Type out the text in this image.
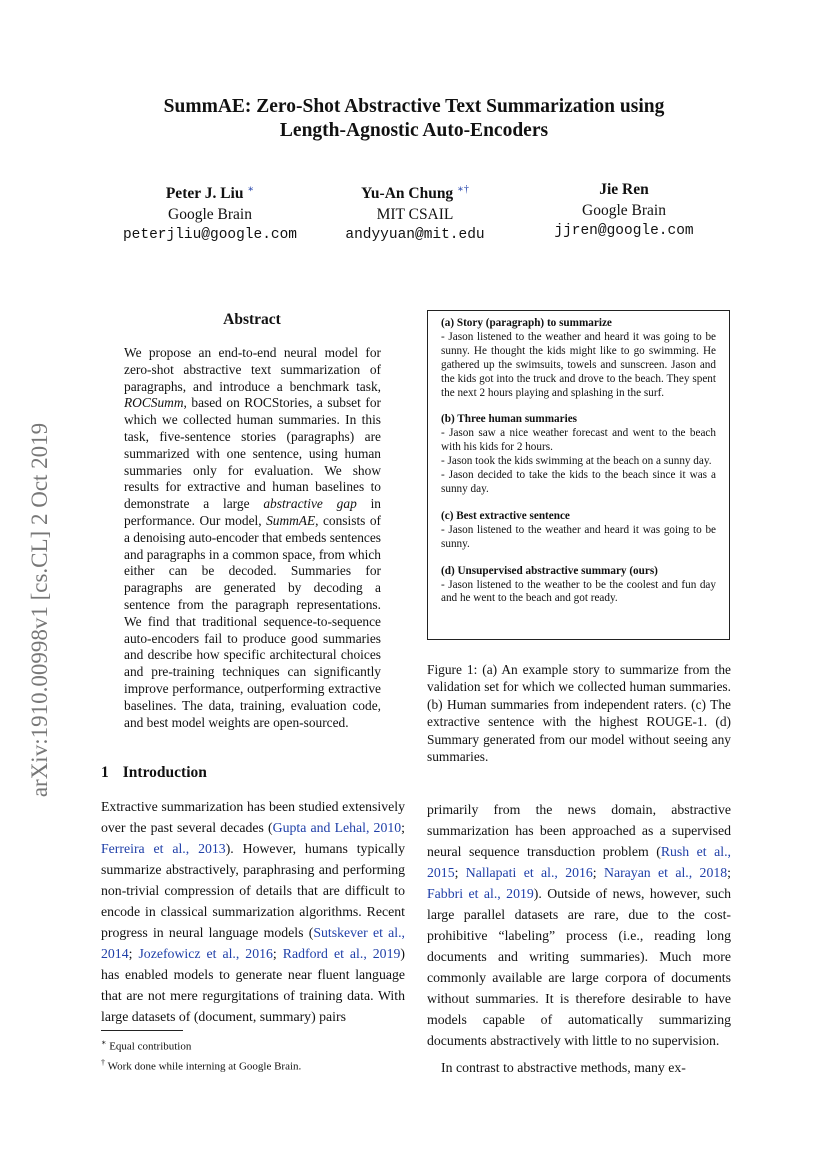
SummAE: Zero-Shot Abstractive Text Summarization using
Length-Agnostic Auto-Encoders
Peter J. Liu ∗
Google Brain
peterjliu@google.com
Yu-An Chung ∗†
MIT CSAIL
andyyuan@mit.edu
Jie Ren
Google Brain
jjren@google.com
arXiv:1910.00998v1 [cs.CL] 2 Oct 2019
Abstract
We propose an end-to-end neural model for zero-shot abstractive text summarization of paragraphs, and introduce a benchmark task, ROCSumm, based on ROCStories, a subset for which we collected human summaries. In this task, five-sentence stories (paragraphs) are summarized with one sentence, using human summaries only for evaluation. We show results for extractive and human baselines to demonstrate a large abstractive gap in performance. Our model, SummAE, consists of a denoising auto-encoder that embeds sentences and paragraphs in a common space, from which either can be decoded. Summaries for paragraphs are generated by decoding a sentence from the paragraph representations. We find that traditional sequence-to-sequence auto-encoders fail to produce good summaries and describe how specific architectural choices and pre-training techniques can significantly improve performance, outperforming extractive baselines. The data, training, evaluation code, and best model weights are open-sourced.

(a) Story (paragraph) to summarize
- Jason listened to the weather and heard it was going to be sunny. He thought the kids might like to go swimming. He gathered up the swimsuits, towels and sunscreen. Jason and the kids got into the truck and drove to the beach. They spent the next 2 hours playing and splashing in the surf.

(b) Three human summaries
- Jason saw a nice weather forecast and went to the beach with his kids for 2 hours.
- Jason took the kids swimming at the beach on a sunny day.
- Jason decided to take the kids to the beach since it was a sunny day.

(c) Best extractive sentence
- Jason listened to the weather and heard it was going to be sunny.

(d) Unsupervised abstractive summary (ours)
- Jason listened to the weather to be the coolest and fun day and he went to the beach and got ready.

Figure 1: (a) An example story to summarize from the validation set for which we collected human summaries. (b) Human summaries from independent raters. (c) The extractive sentence with the highest ROUGE-1. (d) Summary generated from our model without seeing any summaries.
1 Introduction
Extractive summarization has been studied extensively over the past several decades (Gupta and Lehal, 2010; Ferreira et al., 2013). However, humans typically summarize abstractively, paraphrasing and performing non-trivial compression of details that are difficult to encode in classical summarization algorithms. Recent progress in neural language models (Sutskever et al., 2014; Jozefowicz et al., 2016; Radford et al., 2019) has enabled models to generate near fluent language that are not mere regurgitations of training data. With large datasets of (document, summary) pairs

primarily from the news domain, abstractive summarization has been approached as a supervised neural sequence transduction problem (Rush et al., 2015; Nallapati et al., 2016; Narayan et al., 2018; Fabbri et al., 2019). Outside of news, however, such large parallel datasets are rare, due to the cost-prohibitive “labeling” process (i.e., reading long documents and writing summaries). Much more commonly available are large corpora of documents without summaries. It is therefore desirable to have models capable of automatically summarizing documents abstractively with little to no supervision.

In contrast to abstractive methods, many ex-

∗ Equal contribution
† Work done while interning at Google Brain.
